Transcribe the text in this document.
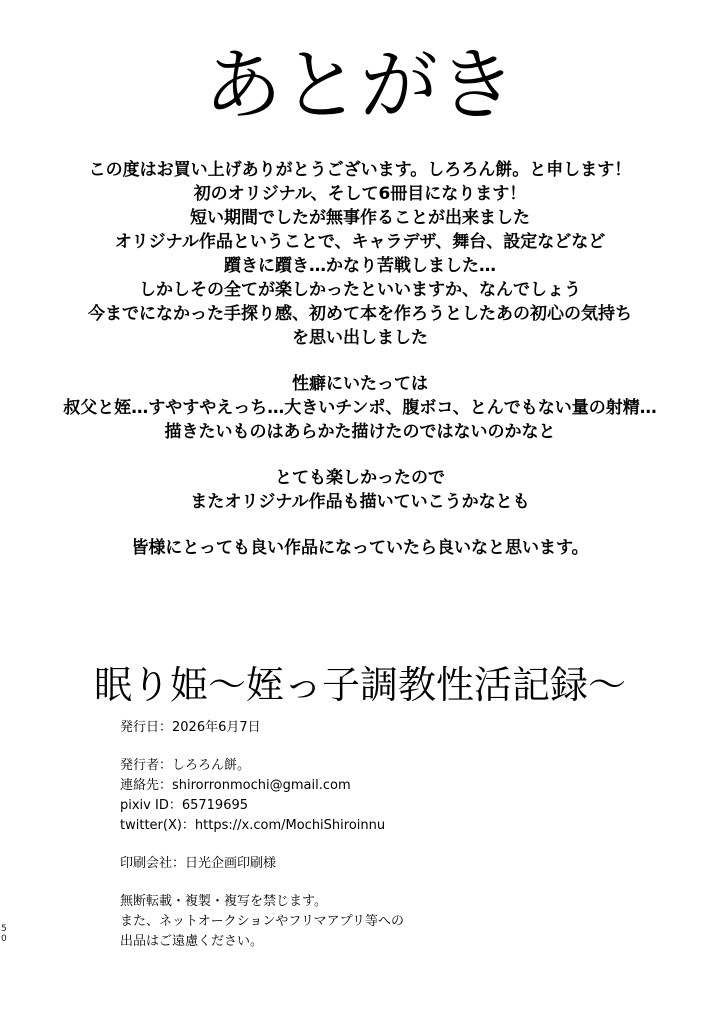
あとがき

この度はお買い上げありがとうございます。しろろん餅。と申します！
初のオリジナル、そして6冊目になります！
短い期間でしたが無事作ることが出来ました
オリジナル作品ということで、キャラデザ、舞台、設定などなど
躓きに躓き…かなり苦戦しました…
しかしその全てが楽しかったといいますか、なんでしょう
今までになかった手探り感、初めて本を作ろうとしたあの初心の気持ち
を思い出しました

性癖にいたっては
叔父と姪…すやすやえっち…大きいチンポ、腹ボコ、とんでもない量の射精…
描きたいものはあらかた描けたのではないのかなと

とても楽しかったので
またオリジナル作品も描いていこうかなとも

皆様にとっても良い作品になっていたら良いなと思います。

眠り姫〜姪っ子調教性活記録〜
発行日：2026年6月7日
発行者：しろろん餅。
連絡先：shirorronmochi@gmail.com
pixiv ID：65719695
twitter(X)：https://x.com/MochiShiroinnu
印刷会社：日光企画印刷様
無断転載・複製・複写を禁じます。
また、ネットオークションやフリマアプリ等への
出品はご遠慮ください。
50
